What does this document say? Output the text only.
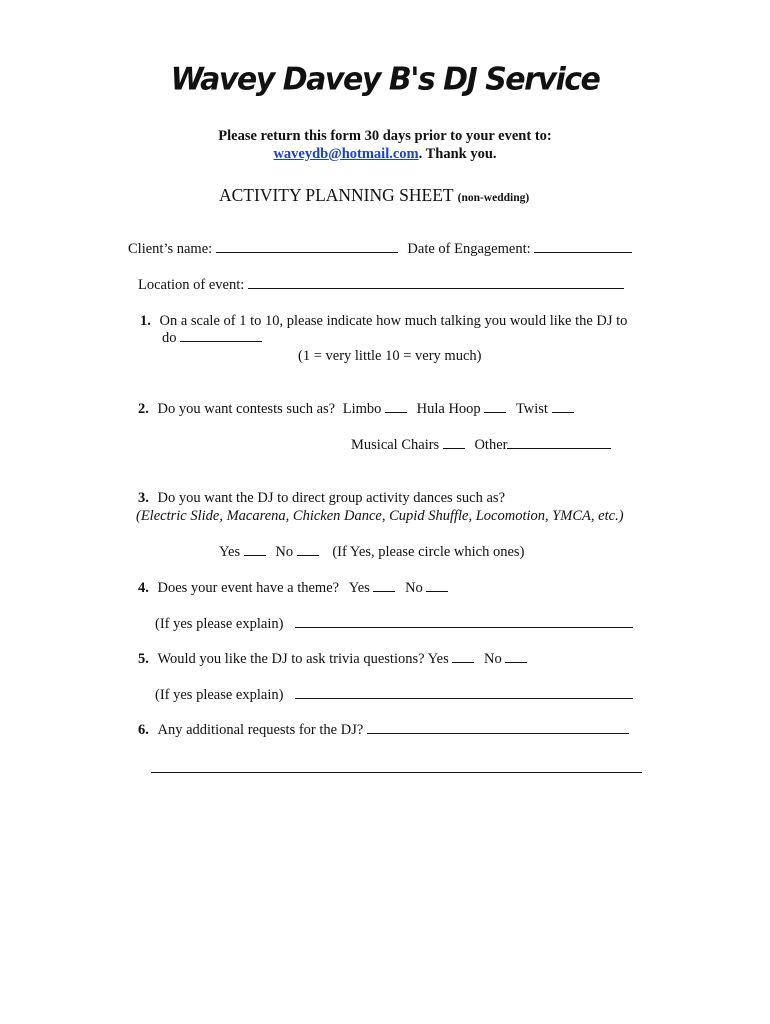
Wavey Davey B's DJ Service
Please return this form 30 days prior to your event to:
waveydb@hotmail.com. Thank you.
ACTIVITY PLANNING SHEET (non-wedding)
Client’s name:	Date of Engagement:
Location of event:
1. On a scale of 1 to 10, please indicate how much talking you would like the DJ to
do
(1 = very little 10 = very much)
2. Do you want contests such as? Limbo Hula Hoop Twist
Musical Chairs Other
3. Do you want the DJ to direct group activity dances such as?
(Electric Slide, Macarena, Chicken Dance, Cupid Shuffle, Locomotion, YMCA, etc.)
Yes No	(If Yes, please circle which ones)
4. Does your event have a theme? Yes No
(If yes please explain)
5. Would you like the DJ to ask trivia questions? Yes No
(If yes please explain)
6. Any additional requests for the DJ?
